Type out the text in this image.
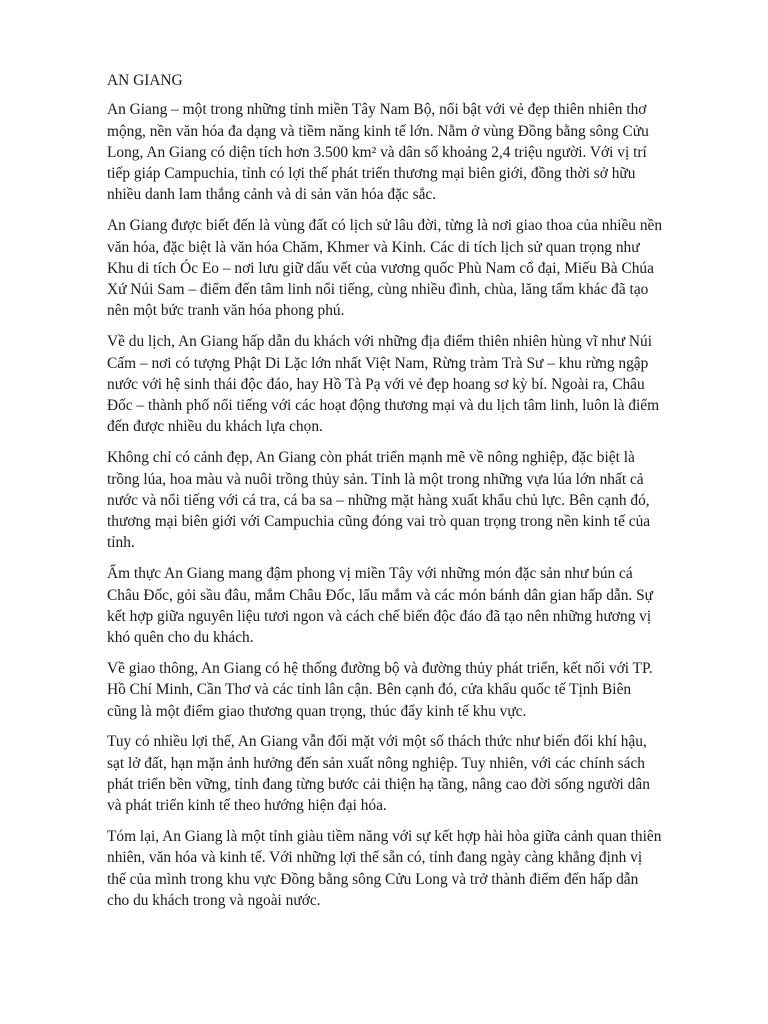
AN GIANG

An Giang – một trong những tỉnh miền Tây Nam Bộ, nổi bật với vẻ đẹp thiên nhiên thơ
mộng, nền văn hóa đa dạng và tiềm năng kinh tế lớn. Nằm ở vùng Đồng bằng sông Cửu
Long, An Giang có diện tích hơn 3.500 km² và dân số khoảng 2,4 triệu người. Với vị trí
tiếp giáp Campuchia, tỉnh có lợi thế phát triển thương mại biên giới, đồng thời sở hữu
nhiều danh lam thắng cảnh và di sản văn hóa đặc sắc.

An Giang được biết đến là vùng đất có lịch sử lâu đời, từng là nơi giao thoa của nhiều nền
văn hóa, đặc biệt là văn hóa Chăm, Khmer và Kinh. Các di tích lịch sử quan trọng như
Khu di tích Óc Eo – nơi lưu giữ dấu vết của vương quốc Phù Nam cổ đại, Miếu Bà Chúa
Xứ Núi Sam – điểm đến tâm linh nổi tiếng, cùng nhiều đình, chùa, lăng tẩm khác đã tạo
nên một bức tranh văn hóa phong phú.

Về du lịch, An Giang hấp dẫn du khách với những địa điểm thiên nhiên hùng vĩ như Núi
Cấm – nơi có tượng Phật Di Lặc lớn nhất Việt Nam, Rừng tràm Trà Sư – khu rừng ngập
nước với hệ sinh thái độc đáo, hay Hồ Tà Pạ với vẻ đẹp hoang sơ kỳ bí. Ngoài ra, Châu
Đốc – thành phố nổi tiếng với các hoạt động thương mại và du lịch tâm linh, luôn là điểm
đến được nhiều du khách lựa chọn.

Không chỉ có cảnh đẹp, An Giang còn phát triển mạnh mẽ về nông nghiệp, đặc biệt là
trồng lúa, hoa màu và nuôi trồng thủy sản. Tỉnh là một trong những vựa lúa lớn nhất cả
nước và nổi tiếng với cá tra, cá ba sa – những mặt hàng xuất khẩu chủ lực. Bên cạnh đó,
thương mại biên giới với Campuchia cũng đóng vai trò quan trọng trong nền kinh tế của
tỉnh.

Ẩm thực An Giang mang đậm phong vị miền Tây với những món đặc sản như bún cá
Châu Đốc, gỏi sầu đâu, mắm Châu Đốc, lẩu mắm và các món bánh dân gian hấp dẫn. Sự
kết hợp giữa nguyên liệu tươi ngon và cách chế biến độc đáo đã tạo nên những hương vị
khó quên cho du khách.

Về giao thông, An Giang có hệ thống đường bộ và đường thủy phát triển, kết nối với TP.
Hồ Chí Minh, Cần Thơ và các tỉnh lân cận. Bên cạnh đó, cửa khẩu quốc tế Tịnh Biên
cũng là một điểm giao thương quan trọng, thúc đẩy kinh tế khu vực.

Tuy có nhiều lợi thế, An Giang vẫn đối mặt với một số thách thức như biến đổi khí hậu,
sạt lở đất, hạn mặn ảnh hưởng đến sản xuất nông nghiệp. Tuy nhiên, với các chính sách
phát triển bền vững, tỉnh đang từng bước cải thiện hạ tầng, nâng cao đời sống người dân
và phát triển kinh tế theo hướng hiện đại hóa.

Tóm lại, An Giang là một tỉnh giàu tiềm năng với sự kết hợp hài hòa giữa cảnh quan thiên
nhiên, văn hóa và kinh tế. Với những lợi thế sẵn có, tỉnh đang ngày càng khẳng định vị
thế của mình trong khu vực Đồng bằng sông Cửu Long và trở thành điểm đến hấp dẫn
cho du khách trong và ngoài nước.
